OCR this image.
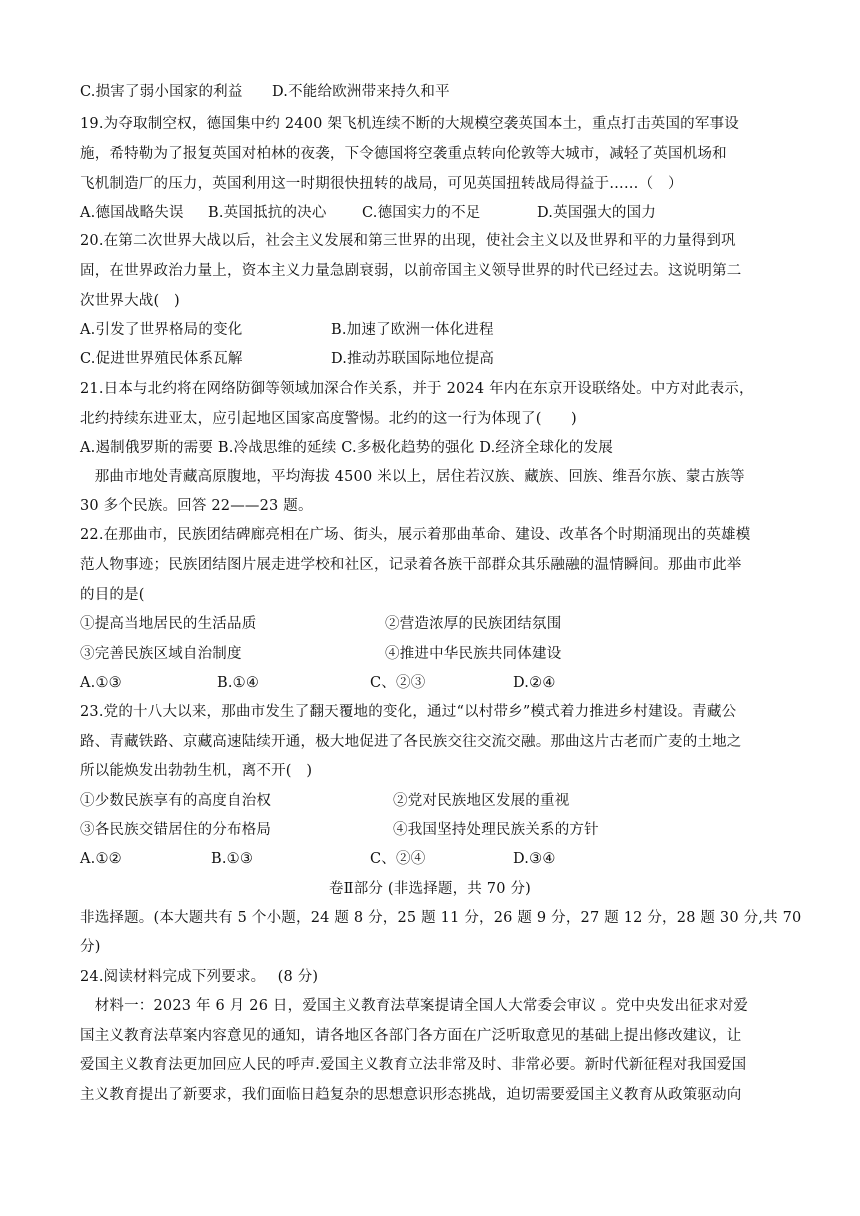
C.损害了弱小国家的利益　　D.不能给欧洲带来持久和平
19.为夺取制空权，德国集中约 2400 架飞机连续不断的大规模空袭英国本土，重点打击英国的军事设
施，希特勒为了报复英国对柏林的夜袭，下令德国将空袭重点转向伦敦等大城市，减轻了英国机场和
飞机制造厂的压力，英国利用这一时期很快扭转的战局，可见英国扭转战局得益于……（　）
A.德国战略失误 B.英国抵抗的决心 C.德国实力的不足	D.英国强大的国力
20.在第二次世界大战以后，社会主义发展和第三世界的出现，使社会主义以及世界和平的力量得到巩
固，在世界政治力量上，资本主义力量急剧衰弱，以前帝国主义领导世界的时代已经过去。这说明第二
次世界大战(　)
A.引发了世界格局的变化	B.加速了欧洲一体化进程
C.促进世界殖民体系瓦解	D.推动苏联国际地位提高
21.日本与北约将在网络防御等领域加深合作关系，并于 2024 年内在东京开设联络处。中方对此表示，
北约持续东进亚太，应引起地区国家高度警惕。北约的这一行为体现了(　　)
A.遏制俄罗斯的需要 B.冷战思维的延续 C.多极化趋势的强化 D.经济全球化的发展
　那曲市地处青藏高原腹地，平均海拔 4500 米以上，居住若汉族、藏族、回族、维吾尔族、蒙古族等
30 多个民族。回答 22——23 题。
22.在那曲市，民族团结碑廊亮相在广场、街头，展示着那曲革命、建设、改革各个时期涌现出的英雄模
范人物事迹；民族团结图片展走进学校和社区，记录着各族干部群众其乐融融的温情瞬间。那曲市此举
的目的是(
①提高当地居民的生活品质	②营造浓厚的民族团结氛围
③完善民族区域自治制度	④推进中华民族共同体建设
A.①③	B.①④	C、②③	D.②④
23.党的十八大以来，那曲市发生了翻天覆地的变化，通过“以村带乡”模式着力推进乡村建设。青藏公
路、青藏铁路、京藏高速陆续开通，极大地促进了各民族交往交流交融。那曲这片古老而广麦的土地之
所以能焕发出勃勃生机，离不开(　)
①少数民族享有的高度自治权	②党对民族地区发展的重视
③各民族交错居住的分布格局	④我国坚持处理民族关系的方针
A.①②	B.①③	C、②④	D.③④
卷Ⅱ部分 (非选择题，共 70 分)
非选择题。(本大题共有 5 个小题，24 题 8 分，25 题 11 分，26 题 9 分，27 题 12 分，28 题 30 分,共 70
分)
24.阅读材料完成下列要求。　 (8 分)
　材料一：2023 年 6 月 26 日，爱国主义教育法草案提请全国人大常委会审议 。党中央发出征求对爱
国主义教育法草案内容意见的通知，请各地区各部门各方面在广泛听取意见的基础上提出修改建议，让
爱国主义教育法更加回应人民的呼声.爱国主义教育立法非常及时、非常必要。新时代新征程对我国爱国
主义教育提出了新要求，我们面临日趋复杂的思想意识形态挑战，迫切需要爱国主义教育从政策驱动向
